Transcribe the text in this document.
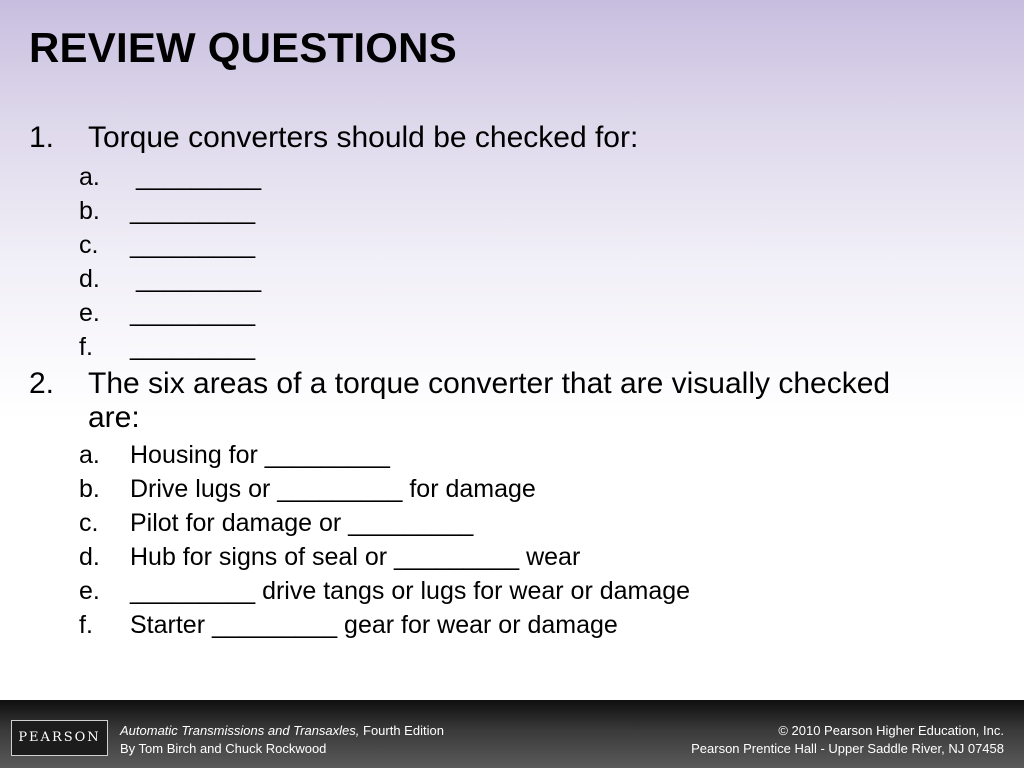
REVIEW QUESTIONS
1. Torque converters should be checked for:
a. _________
b. _________
c. _________
d. _________
e. _________
f. _________
2. The six areas of a torque converter that are visually checked are:
a. Housing for _________
b. Drive lugs or _________ for damage
c. Pilot for damage or _________
d. Hub for signs of seal or _________ wear
e. _________ drive tangs or lugs for wear or damage
f. Starter _________ gear for wear or damage
PEARSON	Automatic Transmissions and Transaxles, Fourth Edition
By Tom Birch and Chuck Rockwood
© 2010 Pearson Higher Education, Inc.
Pearson Prentice Hall - Upper Saddle River, NJ 07458
